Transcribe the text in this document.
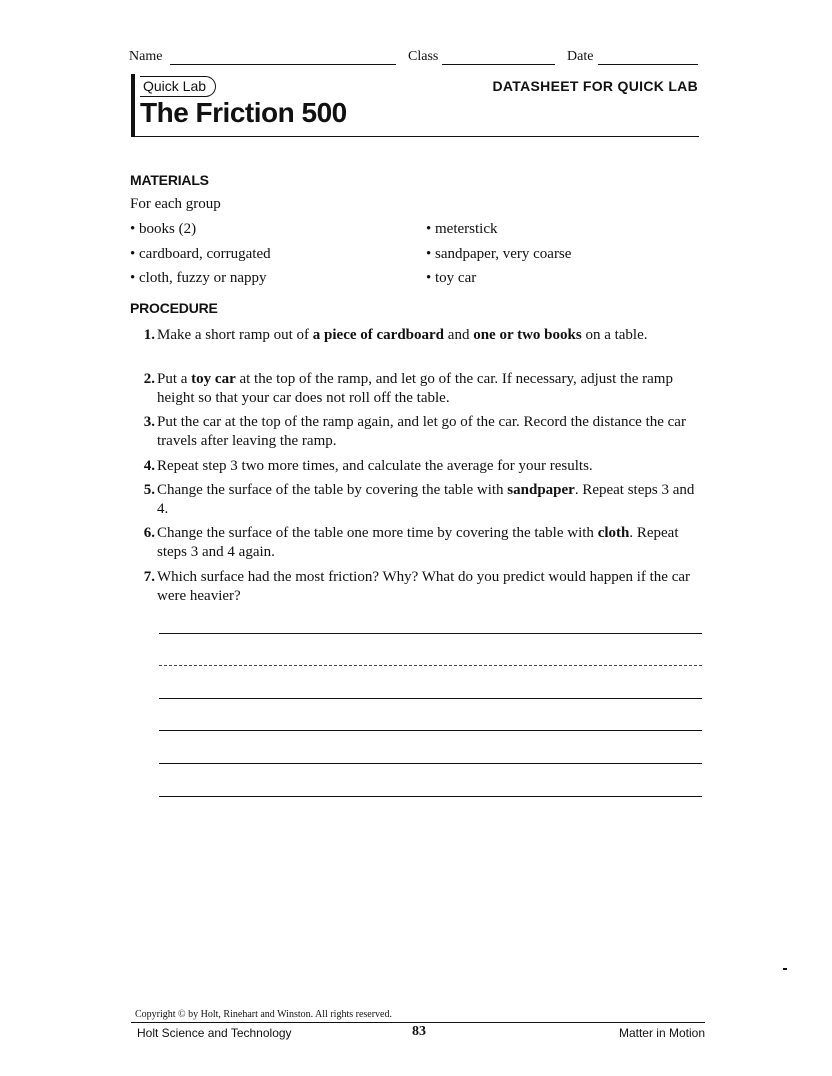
Name	Class	Date
Quick Lab	DATASHEET FOR QUICK LAB
The Friction 500
MATERIALS
For each group
• books (2)
• cardboard, corrugated
• cloth, fuzzy or nappy
• meterstick
• sandpaper, very coarse
• toy car
PROCEDURE
1. Make a short ramp out of a piece of cardboard and one or two books on a table.
2. Put a toy car at the top of the ramp, and let go of the car. If necessary, adjust the ramp height so that your car does not roll off the table.
3. Put the car at the top of the ramp again, and let go of the car. Record the distance the car travels after leaving the ramp.
4. Repeat step 3 two more times, and calculate the average for your results.
5. Change the surface of the table by covering the table with sandpaper. Repeat steps 3 and 4.
6. Change the surface of the table one more time by covering the table with cloth. Repeat steps 3 and 4 again.
7. Which surface had the most friction? Why? What do you predict would happen if the car were heavier?
Copyright © by Holt, Rinehart and Winston. All rights reserved.
Holt Science and Technology	83	Matter in Motion
